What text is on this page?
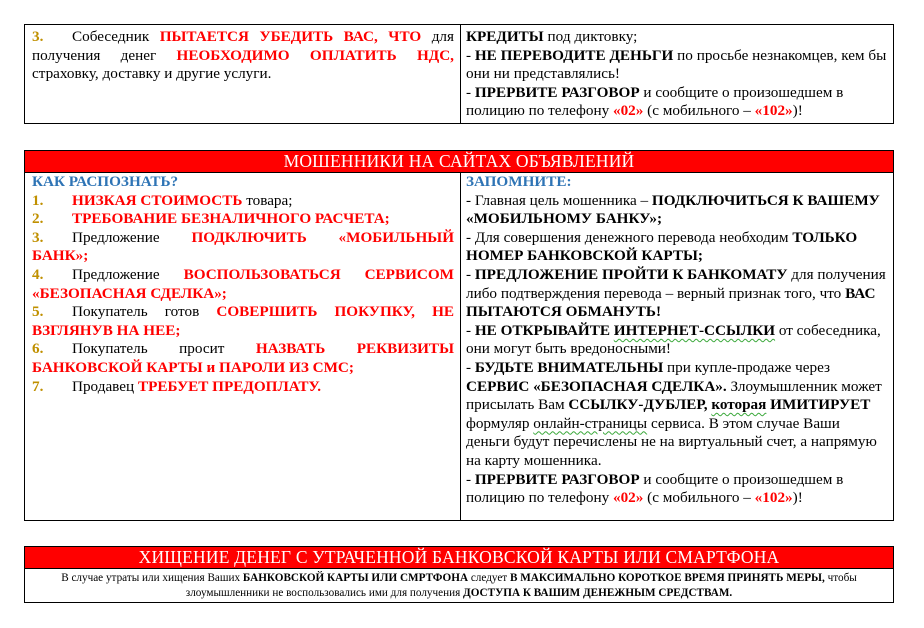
3. Собеседник ПЫТАЕТСЯ УБЕДИТЬ ВАС, ЧТО для получения денег НЕОБХОДИМО ОПЛАТИТЬ НДС, страховку, доставку и другие услуги.
КРЕДИТЫ под диктовку;
- НЕ ПЕРЕВОДИТЕ ДЕНЬГИ по просьбе незнакомцев, кем бы они ни представлялись!
- ПРЕРВИТЕ РАЗГОВОР и сообщите о произошедшем в полицию по телефону «02» (с мобильного – «102»)!
МОШЕННИКИ НА САЙТАХ ОБЪЯВЛЕНИЙ
КАК РАСПОЗНАТЬ?
1. НИЗКАЯ СТОИМОСТЬ товара;
2. ТРЕБОВАНИЕ БЕЗНАЛИЧНОГО РАСЧЕТА;
3. Предложение ПОДКЛЮЧИТЬ «МОБИЛЬНЫЙ БАНК»;
4. Предложение ВОСПОЛЬЗОВАТЬСЯ СЕРВИСОМ «БЕЗОПАСНАЯ СДЕЛКА»;
5. Покупатель готов СОВЕРШИТЬ ПОКУПКУ, НЕ ВЗГЛЯНУВ НА НЕЕ;
6. Покупатель просит НАЗВАТЬ РЕКВИЗИТЫ БАНКОВСКОЙ КАРТЫ и ПАРОЛИ ИЗ СМС;
7. Продавец ТРЕБУЕТ ПРЕДОПЛАТУ.
ЗАПОМНИТЕ:
- Главная цель мошенника – ПОДКЛЮЧИТЬСЯ К ВАШЕМУ «МОБИЛЬНОМУ БАНКУ»;
- Для совершения денежного перевода необходим ТОЛЬКО НОМЕР БАНКОВСКОЙ КАРТЫ;
- ПРЕДЛОЖЕНИЕ ПРОЙТИ К БАНКОМАТУ для получения либо подтверждения перевода – верный признак того, что ВАС ПЫТАЮТСЯ ОБМАНУТЬ!
- НЕ ОТКРЫВАЙТЕ ИНТЕРНЕТ-ССЫЛКИ от собеседника, они могут быть вредоносными!
- БУДЬТЕ ВНИМАТЕЛЬНЫ при купле-продаже через СЕРВИС «БЕЗОПАСНАЯ СДЕЛКА». Злоумышленник может присылать Вам ССЫЛКУ-ДУБЛЕР, которая ИМИТИРУЕТ формуляр онлайн-страницы сервиса. В этом случае Ваши деньги будут перечислены не на виртуальный счет, а напрямую на карту мошенника.
- ПРЕРВИТЕ РАЗГОВОР и сообщите о произошедшем в полицию по телефону «02» (с мобильного – «102»)!
ХИЩЕНИЕ ДЕНЕГ С УТРАЧЕННОЙ БАНКОВСКОЙ КАРТЫ ИЛИ СМАРТФОНА
В случае утраты или хищения Ваших БАНКОВСКОЙ КАРТЫ ИЛИ СМРТФОНА следует В МАКСИМАЛЬНО КОРОТКОЕ ВРЕМЯ ПРИНЯТЬ МЕРЫ, чтобы злоумышленники не воспользовались ими для получения ДОСТУПА К ВАШИМ ДЕНЕЖНЫМ СРЕДСТВАМ.
